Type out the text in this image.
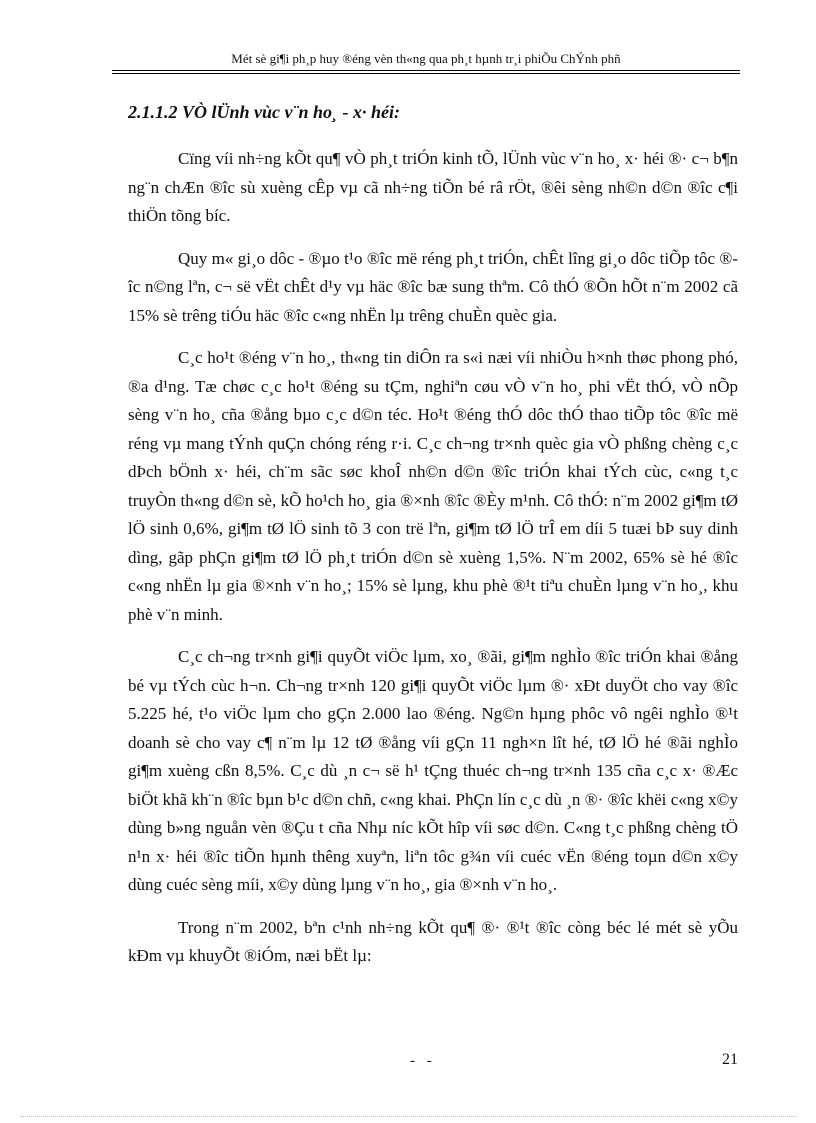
Mét sè gi¶i ph¸p huy ®éng vèn th«ng qua ph¸t hµnh tr¸i phiÕu ChÝnh phñ
2.1.1.2 VÒ lÜnh vùc v¨n ho¸ - x· héi:

Cïng víi nh÷ng kÕt qu¶ vÒ ph¸t triÓn kinh tÕ, lÜnh vùc v¨n ho¸ x· héi ®· c¬ b¶n ng¨n chÆn ®îc sù xuèng cÊp vµ cã nh÷ng tiÕn bé râ rÖt, ®êi sèng nh©n d©n ®îc c¶i thiÖn tõng bíc.

Quy m« gi¸o dôc - ®µo t¹o ®îc më réng ph¸t triÓn, chÊt lîng gi¸o dôc tiÕp tôc ®îc n©ng lªn, c¬ së vËt chÊt d¹y vµ häc ®îc bæ sung thªm. Cô thÓ ®Õn hÕt n¨m 2002 cã 15% sè trêng tiÓu häc ®îc c«ng nhËn lµ trêng chuÈn quèc gia.

C¸c ho¹t ®éng v¨n ho¸, th«ng tin diÔn ra s«i næi víi nhiÒu h×nh thøc phong phó, ®a d¹ng. Tæ chøc c¸c ho¹t ®éng su tÇm, nghiªn cøu vÒ v¨n ho¸ phi vËt thÓ, vÒ nÕp sèng v¨n ho¸ cña ®ång bµo c¸c d©n téc. Ho¹t ®éng thÓ dôc thÓ thao tiÕp tôc ®îc më réng vµ mang tÝnh quÇn chóng réng r·i. C¸c ch¬ng tr×nh quèc gia vÒ phßng chèng c¸c dÞch bÖnh x· héi, ch¨m sãc søc khoÎ nh©n d©n ®îc triÓn khai tÝch cùc, c«ng t¸c truyÒn th«ng d©n sè, kÕ ho¹ch ho¸ gia ®×nh ®îc ®Èy m¹nh. Cô thÓ: n¨m 2002 gi¶m tØ lÖ sinh 0,6%, gi¶m tØ lÖ sinh tõ 3 con trë lªn, gi¶m tØ lÖ trÎ em díi 5 tuæi bÞ suy dinh dìng, gãp phÇn gi¶m tØ lÖ ph¸t triÓn d©n sè xuèng 1,5%. N¨m 2002, 65% sè hé ®îc c«ng nhËn lµ gia ®×nh v¨n ho¸; 15% sè lµng, khu phè ®¹t tiªu chuÈn lµng v¨n ho¸, khu phè v¨n minh.

C¸c ch¬ng tr×nh gi¶i quyÕt viÖc lµm, xo¸ ®ãi, gi¶m nghÌo ®îc triÓn khai ®ång bé vµ tÝch cùc h¬n. Ch¬ng tr×nh 120 gi¶i quyÕt viÖc lµm ®· xÐt duyÖt cho vay ®îc 5.225 hé, t¹o viÖc lµm cho gÇn 2.000 lao ®éng. Ng©n hµng phôc vô ngêi nghÌo ®¹t doanh sè cho vay c¶ n¨m lµ 12 tØ ®ång víi gÇn 11 ngh×n lît hé, tØ lÖ hé ®ãi nghÌo gi¶m xuèng cßn 8,5%. C¸c dù ¸n c¬ së h¹ tÇng thuéc ch¬ng tr×nh 135 cña c¸c x· ®Æc biÖt khã kh¨n ®îc bµn b¹c d©n chñ, c«ng khai. PhÇn lín c¸c dù ¸n ®· ®îc khëi c«ng x©y dùng b»ng nguån vèn ®Çu t cña Nhµ níc kÕt hîp víi søc d©n. C«ng t¸c phßng chèng tÖ n¹n x· héi ®îc tiÕn hµnh thêng xuyªn, liªn tôc g¾n víi cuéc vËn ®éng toµn d©n x©y dùng cuéc sèng míi, x©y dùng lµng v¨n ho¸, gia ®×nh v¨n ho¸.

Trong n¨m 2002, bªn c¹nh nh÷ng kÕt qu¶ ®· ®¹t ®îc còng béc lé mét sè yÕu kÐm vµ khuyÕt ®iÓm, næi bËt lµ:

- -	21
